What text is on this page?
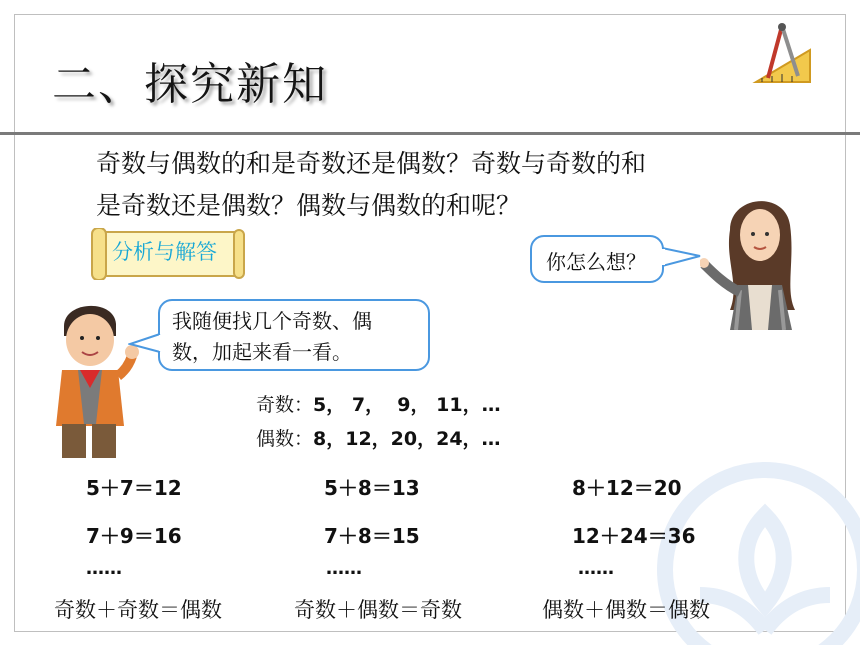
二、探究新知
奇数与偶数的和是奇数还是偶数？奇数与奇数的和
是奇数还是偶数？偶数与偶数的和呢？
分析与解答	你怎么想？
我随便找几个奇数、偶
数，加起来看一看。
奇数：5， 7，  9， 11，…
偶数：8，12，20，24，…
5＋7＝12
7＋9＝16
……
奇数＋奇数＝偶数
5＋8＝13
7＋8＝15
……
奇数＋偶数＝奇数
8＋12＝20
12＋24＝36
……
偶数＋偶数＝偶数
